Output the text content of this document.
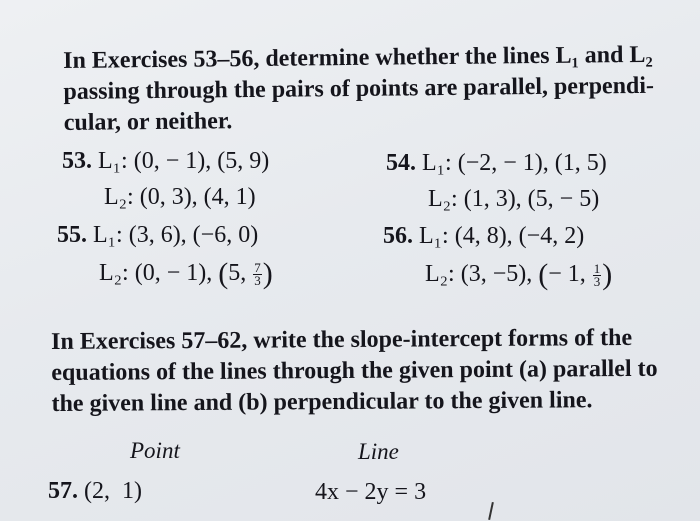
In Exercises 53–56, determine whether the lines L₁ and L₂
passing through the pairs of points are parallel, perpendi-
cular, or neither.
53. L₁: (0, − 1), (5, 9)
L₂: (0, 3), (4, 1)
54. L₁: (−2, − 1), (1, 5)
L₂: (1, 3), (5, − 5)
55. L₁: (3, 6), (−6, 0)
L₂: (0, − 1), (5, $\frac{7}{3}$ )
56. L₁: (4, 8), (−4, 2)
L₂: (3, −5), (− 1, $\frac{1}{3}$ )
In Exercises 57–62, write the slope-intercept forms of the
equations of the lines through the given point (a) parallel to
the given line and (b) perpendicular to the given line.
Point	Line
57. (2,  1)	4x − 2y = 3
